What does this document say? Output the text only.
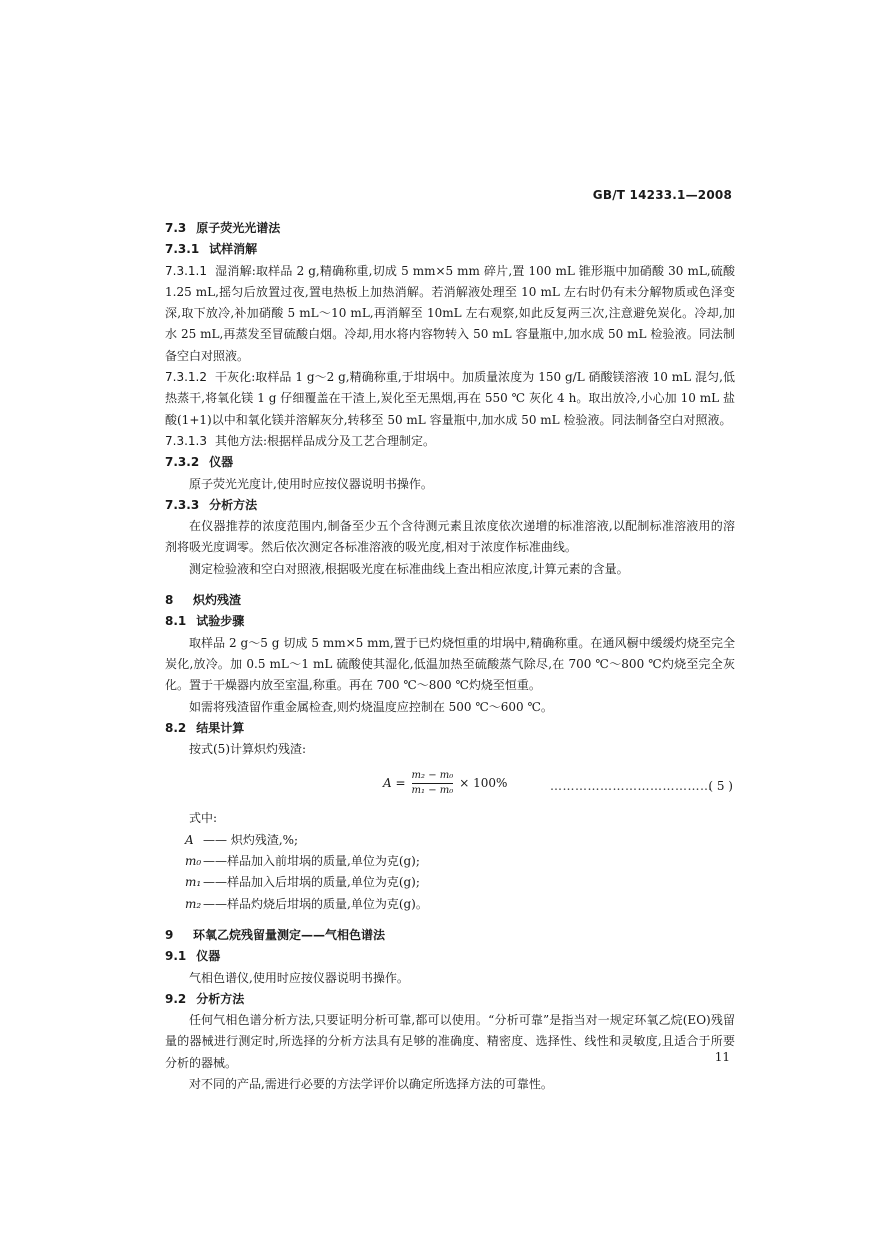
GB/T 14233.1—2008
7.3 原子荧光光谱法
7.3.1 试样消解

7.3.1.1 湿消解:取样品 2 g,精确称重,切成 5 mm×5 mm 碎片,置 100 mL 锥形瓶中加硝酸 30 mL,硫酸 1.25 mL,摇匀后放置过夜,置电热板上加热消解。若消解液处理至 10 mL 左右时仍有未分解物质或色泽变深,取下放冷,补加硝酸 5 mL～10 mL,再消解至 10mL 左右观察,如此反复两三次,注意避免炭化。冷却,加水 25 mL,再蒸发至冒硫酸白烟。冷却,用水将内容物转入 50 mL 容量瓶中,加水成 50 mL 检验液。同法制备空白对照液。

7.3.1.2 干灰化:取样品 1 g～2 g,精确称重,于坩埚中。加质量浓度为 150 g/L 硝酸镁溶液 10 mL 混匀,低热蒸干,将氧化镁 1 g 仔细覆盖在干渣上,炭化至无黑烟,再在 550 ℃ 灰化 4 h。取出放冷,小心加 10 mL 盐酸(1+1)以中和氧化镁并溶解灰分,转移至 50 mL 容量瓶中,加水成 50 mL 检验液。同法制备空白对照液。

7.3.1.3 其他方法:根据样品成分及工艺合理制定。

7.3.2 仪器

原子荧光光度计,使用时应按仪器说明书操作。

7.3.3 分析方法

在仪器推荐的浓度范围内,制备至少五个含待测元素且浓度依次递增的标准溶液,以配制标准溶液用的溶剂将吸光度调零。然后依次测定各标准溶液的吸光度,相对于浓度作标准曲线。

测定检验液和空白对照液,根据吸光度在标准曲线上查出相应浓度,计算元素的含量。

8 炽灼残渣
8.1 试验步骤

取样品 2 g～5 g 切成 5 mm×5 mm,置于已灼烧恒重的坩埚中,精确称重。在通风橱中缓缓灼烧至完全炭化,放冷。加 0.5 mL～1 mL 硫酸使其湿化,低温加热至硫酸蒸气除尽,在 700 ℃～800 ℃灼烧至完全灰化。置于干燥器内放至室温,称重。再在 700 ℃～800 ℃灼烧至恒重。

如需将残渣留作重金属检查,则灼烧温度应控制在 500 ℃～600 ℃。

8.2 结果计算

按式(5)计算炽灼残渣:

$A = \frac{\text{m₂ − m₀}}{\text{m₁ − m₀}} \times 100\%$	…………………………………
( 5 )

式中:

A —— 炽灼残渣,%;

m₀ ——样品加入前坩埚的质量,单位为克(g);

m₁ ——样品加入后坩埚的质量,单位为克(g);

m₂ ——样品灼烧后坩埚的质量,单位为克(g)。

9 环氧乙烷残留量测定——气相色谱法
9.1 仪器

气相色谱仪,使用时应按仪器说明书操作。

9.2 分析方法

任何气相色谱分析方法,只要证明分析可靠,都可以使用。“分析可靠”是指当对一规定环氧乙烷(EO)残留量的器械进行测定时,所选择的分析方法具有足够的准确度、精密度、选择性、线性和灵敏度,且适合于所要分析的器械。

对不同的产品,需进行必要的方法学评价以确定所选择方法的可靠性。

11
